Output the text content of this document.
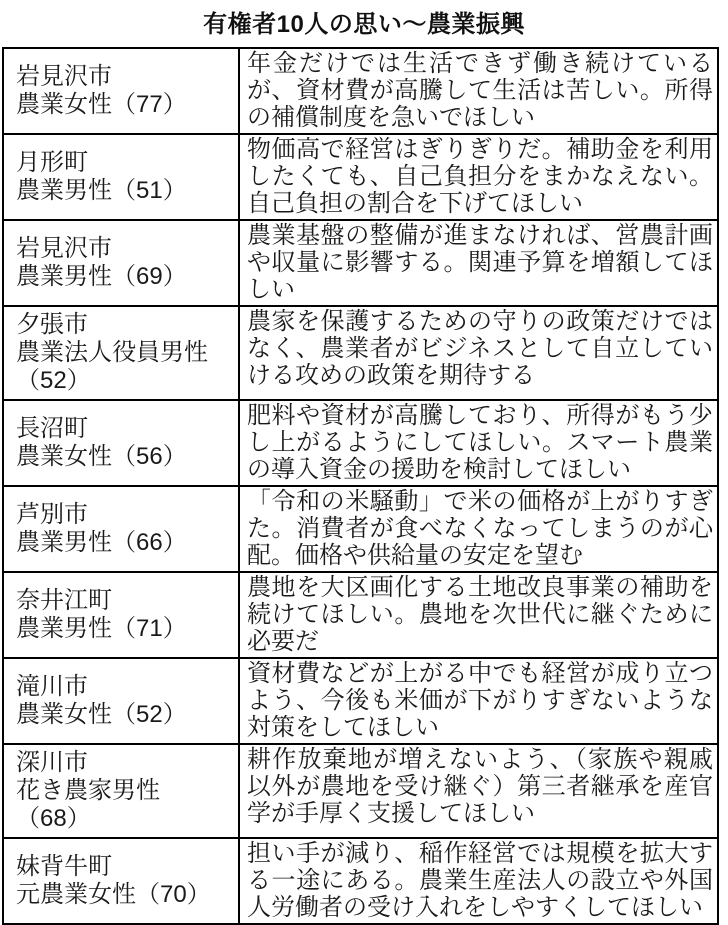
有権者10人の思い～農業振興
岩見沢市
農業女性（77）	年金だけでは生活できず働き続けているが、資材費が高騰して生活は苦しい。所得の補償制度を急いでほしい

月形町
農業男性（51）	物価高で経営はぎりぎりだ。補助金を利用したくても、自己負担分をまかなえない。自己負担の割合を下げてほしい

岩見沢市
農業男性（69）	農業基盤の整備が進まなければ、営農計画や収量に影響する。関連予算を増額してほしい

夕張市
農業法人役員男性
（52）	農家を保護するための守りの政策だけではなく、農業者がビジネスとして自立していける攻めの政策を期待する

長沼町
農業女性（56）	肥料や資材が高騰しており、所得がもう少し上がるようにしてほしい。スマート農業の導入資金の援助を検討してほしい

芦別市
農業男性（66）	「令和の米騒動」で米の価格が上がりすぎた。消費者が食べなくなってしまうのが心配。価格や供給量の安定を望む

奈井江町
農業男性（71）	農地を大区画化する土地改良事業の補助を続けてほしい。農地を次世代に継ぐために必要だ

滝川市
農業女性（52）	資材費などが上がる中でも経営が成り立つよう、今後も米価が下がりすぎないような対策をしてほしい

深川市
花き農家男性
（68）	耕作放棄地が増えないよう、（家族や親戚以外が農地を受け継ぐ）第三者継承を産官学が手厚く支援してほしい

妹背牛町
元農業女性（70）	担い手が減り、稲作経営では規模を拡大する一途にある。農業生産法人の設立や外国人労働者の受け入れをしやすくしてほしい
